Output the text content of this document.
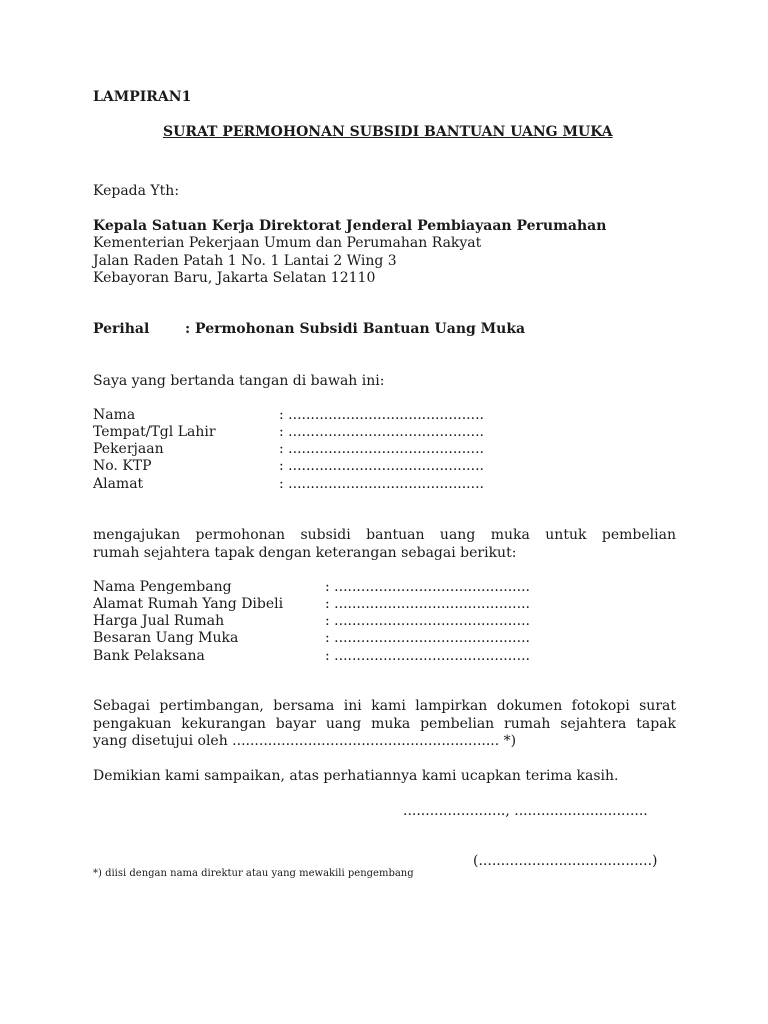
LAMPIRAN1
SURAT PERMOHONAN SUBSIDI BANTUAN UANG MUKA
Kepada Yth:
Kepala Satuan Kerja Direktorat Jenderal Pembiayaan Perumahan
Kementerian Pekerjaan Umum dan Perumahan Rakyat
Jalan Raden Patah 1 No. 1 Lantai 2 Wing 3
Kebayoran Baru, Jakarta Selatan 12110
Perihal	: Permohonan Subsidi Bantuan Uang Muka
Saya yang bertanda tangan di bawah ini:
Nama	: ............................................
Tempat/Tgl Lahir	: ............................................
Pekerjaan	: ............................................
No. KTP	: ............................................
Alamat	: ............................................
mengajukan permohonan subsidi bantuan uang muka untuk pembelian
rumah sejahtera tapak dengan keterangan sebagai berikut:
Nama Pengembang	: ............................................
Alamat Rumah Yang Dibeli	: ............................................
Harga Jual Rumah	: ............................................
Besaran Uang Muka	: ............................................
Bank Pelaksana	: ............................................
Sebagai pertimbangan, bersama ini kami lampirkan dokumen fotokopi surat
pengakuan kekurangan bayar uang muka pembelian rumah sejahtera tapak
yang disetujui oleh ............................................................ *)
Demikian kami sampaikan, atas perhatiannya kami ucapkan terima kasih.
......................., ..............................
(.......................................)
*) diisi dengan nama direktur atau yang mewakili pengembang
